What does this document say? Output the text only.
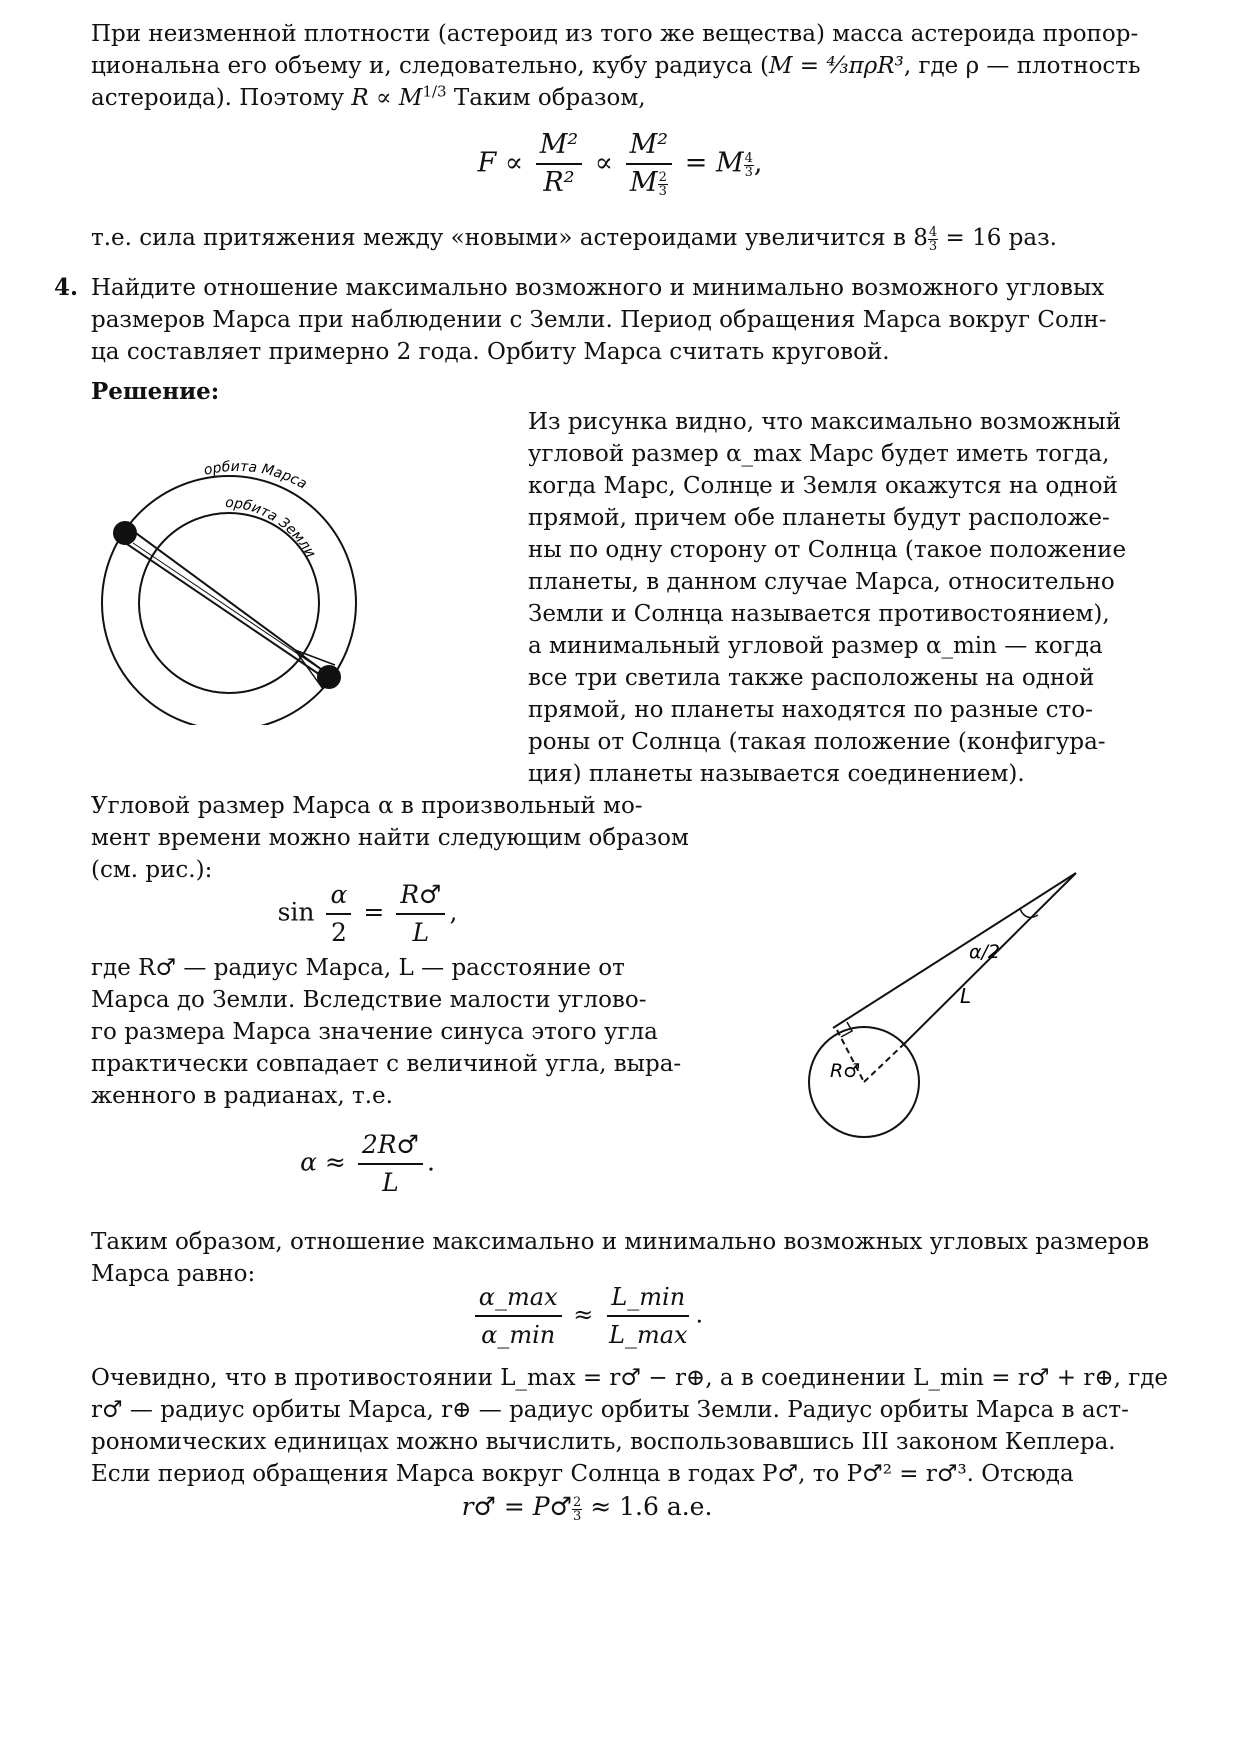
При неизменной плотности (астероид из того же вещества) масса астероида пропор-
циональна его объему и, следовательно, кубу радиуса (M = ⁴⁄₃πρR³, где ρ — плотность
астероида). Поэтому $R \propto M^{1/3}$ Таким образом,
$F \propto \frac{\text{M²}}{\text{R²}} \propto \frac{\text{M²}}{M \frac{2}{3}} = M \frac{4}{3}$ ,
т.е. сила притяжения между «новыми» астероидами увеличится в $8 \frac{4}{3} = 16$ раз.
4. Найдите отношение максимально возможного и минимально возможного угловых
размеров Марса при наблюдении с Земли. Период обращения Марса вокруг Солн-
ца составляет примерно 2 года. Орбиту Марса считать круговой.
Решение:
орбита Марса
орбита Земли
Из рисунка видно, что максимально возможный
угловой размер α_max Марс будет иметь тогда,
когда Марс, Солнце и Земля окажутся на одной
прямой, причем обе планеты будут расположе-
ны по одну сторону от Солнца (такое положение
планеты, в данном случае Марса, относительно
Земли и Солнца называется противостоянием),
а минимальный угловой размер α_min — когда
все три светила также расположены на одной
прямой, но планеты находятся по разные сто-
роны от Солнца (такая положение (конфигура-
ция) планеты называется соединением).
Угловой размер Марса α в произвольный мо-
мент времени можно найти следующим образом
(см. рис.):
$\sin \frac{\alpha}{2} = \frac{R♂}{L}$ ,
где R♂ — радиус Марса, L — расстояние от
Марса до Земли. Вследствие малости углово-
го размера Марса значение синуса этого угла
практически совпадает с величиной угла, выра-
женного в радианах, т.е.
$\alpha \approx \frac{2R♂}{L}$ .
α/2
L
R♂
Таким образом, отношение максимально и минимально возможных угловых размеров
Марса равно:
$\frac{\alpha\_\max}{\alpha\_\min} \approx \frac{L\_\min}{L\_\max}$ .
Очевидно, что в противостоянии L_max = r♂ − r⊕, а в соединении L_min = r♂ + r⊕, где
r♂ — радиус орбиты Марса, r⊕ — радиус орбиты Земли. Радиус орбиты Марса в аст-
рономических единицах можно вычислить, воспользовавшись III законом Кеплера.
Если период обращения Марса вокруг Солнца в годах P♂, то P♂² = r♂³. Отсюда
r♂ = P♂ $\frac{2}{3} \approx 1.6$ а.е.
